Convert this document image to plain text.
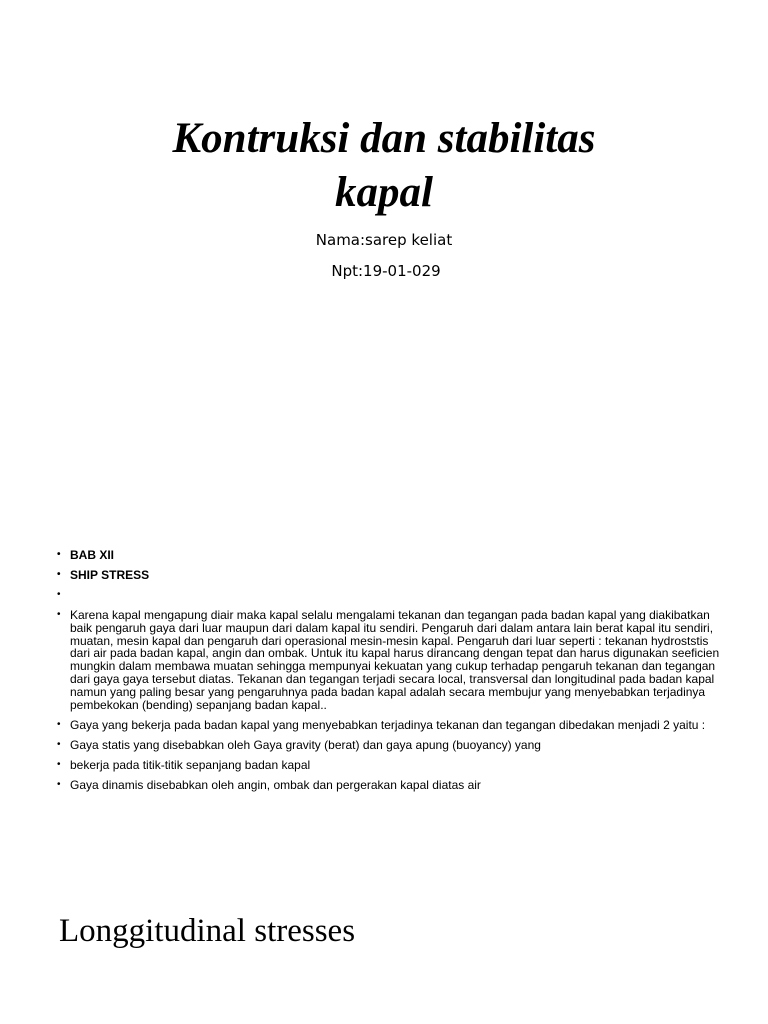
Kontruksi dan stabilitas
kapal
Nama:sarep keliat
Npt:19-01-029
• BAB XII
• SHIP STRESS
•
• Karena kapal mengapung diair maka kapal selalu mengalami tekanan dan tegangan pada badan kapal yang diakibatkan baik pengaruh gaya dari luar maupun dari dalam kapal itu sendiri. Pengaruh dari dalam antara lain berat kapal itu sendiri, muatan, mesin kapal dan pengaruh dari operasional mesin-mesin kapal. Pengaruh dari luar seperti : tekanan hydroststis dari air pada badan kapal, angin dan ombak. Untuk itu kapal harus dirancang dengan tepat dan harus digunakan seeficien mungkin dalam membawa muatan sehingga mempunyai kekuatan yang cukup terhadap pengaruh tekanan dan tegangan dari gaya gaya tersebut diatas. Tekanan dan tegangan terjadi secara local, transversal dan longitudinal pada badan kapal namun yang paling besar yang pengaruhnya pada badan kapal adalah secara membujur yang menyebabkan terjadinya pembekokan (bending) sepanjang badan kapal..
• Gaya yang bekerja pada badan kapal yang menyebabkan terjadinya tekanan dan tegangan dibedakan menjadi 2 yaitu :
• Gaya statis yang disebabkan oleh Gaya gravity (berat) dan gaya apung (buoyancy) yang
• bekerja pada titik-titik sepanjang badan kapal
• Gaya dinamis disebabkan oleh angin, ombak dan pergerakan kapal diatas air
Longgitudinal stresses
